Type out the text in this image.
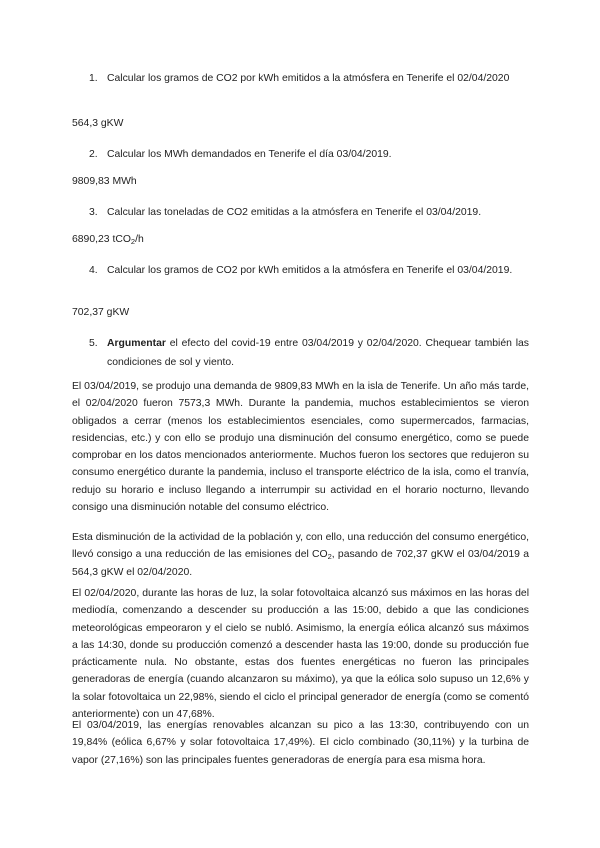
1. Calcular los gramos de CO2 por kWh emitidos a la atmósfera en Tenerife el 02/04/2020
564,3 gKW
2. Calcular los MWh demandados en Tenerife el día 03/04/2019.
9809,83 MWh
3. Calcular las toneladas de CO2 emitidas a la atmósfera en Tenerife el 03/04/2019.
6890,23 tCO$_2$/h
4. Calcular los gramos de CO2 por kWh emitidos a la atmósfera en Tenerife el 03/04/2019.
702,37 gKW
5. Argumentar el efecto del covid-19 entre 03/04/2019 y 02/04/2020. Chequear también las condiciones de sol y viento.

El 03/04/2019, se produjo una demanda de 9809,83 MWh en la isla de Tenerife. Un año más tarde, el 02/04/2020 fueron 7573,3 MWh. Durante la pandemia, muchos establecimientos se vieron obligados a cerrar (menos los establecimientos esenciales, como supermercados, farmacias, residencias, etc.) y con ello se produjo una disminución del consumo energético, como se puede comprobar en los datos mencionados anteriormente. Muchos fueron los sectores que redujeron su consumo energético durante la pandemia, incluso el transporte eléctrico de la isla, como el tranvía, redujo su horario e incluso llegando a interrumpir su actividad en el horario nocturno, llevando consigo una disminución notable del consumo eléctrico.

Esta disminución de la actividad de la población y, con ello, una reducción del consumo energético, llevó consigo a una reducción de las emisiones del $CO_2$, pasando de 702,37 gKW el 03/04/2019 a 564,3 gKW el 02/04/2020.

El 02/04/2020, durante las horas de luz, la solar fotovoltaica alcanzó sus máximos en las horas del mediodía, comenzando a descender su producción a las 15:00, debido a que las condiciones meteorológicas empeoraron y el cielo se nubló. Asimismo, la energía eólica alcanzó sus máximos a las 14:30, donde su producción comenzó a descender hasta las 19:00, donde su producción fue prácticamente nula. No obstante, estas dos fuentes energéticas no fueron las principales generadoras de energía (cuando alcanzaron su máximo), ya que la eólica solo supuso un 12,6% y la solar fotovoltaica un 22,98%, siendo el ciclo el principal generador de energía (como se comentó anteriormente) con un 47,68%.

El 03/04/2019, las energías renovables alcanzan su pico a las 13:30, contribuyendo con un 19,84% (eólica 6,67% y solar fotovoltaica 17,49%). El ciclo combinado (30,11%) y la turbina de vapor (27,16%) son las principales fuentes generadoras de energía para esa misma hora.
